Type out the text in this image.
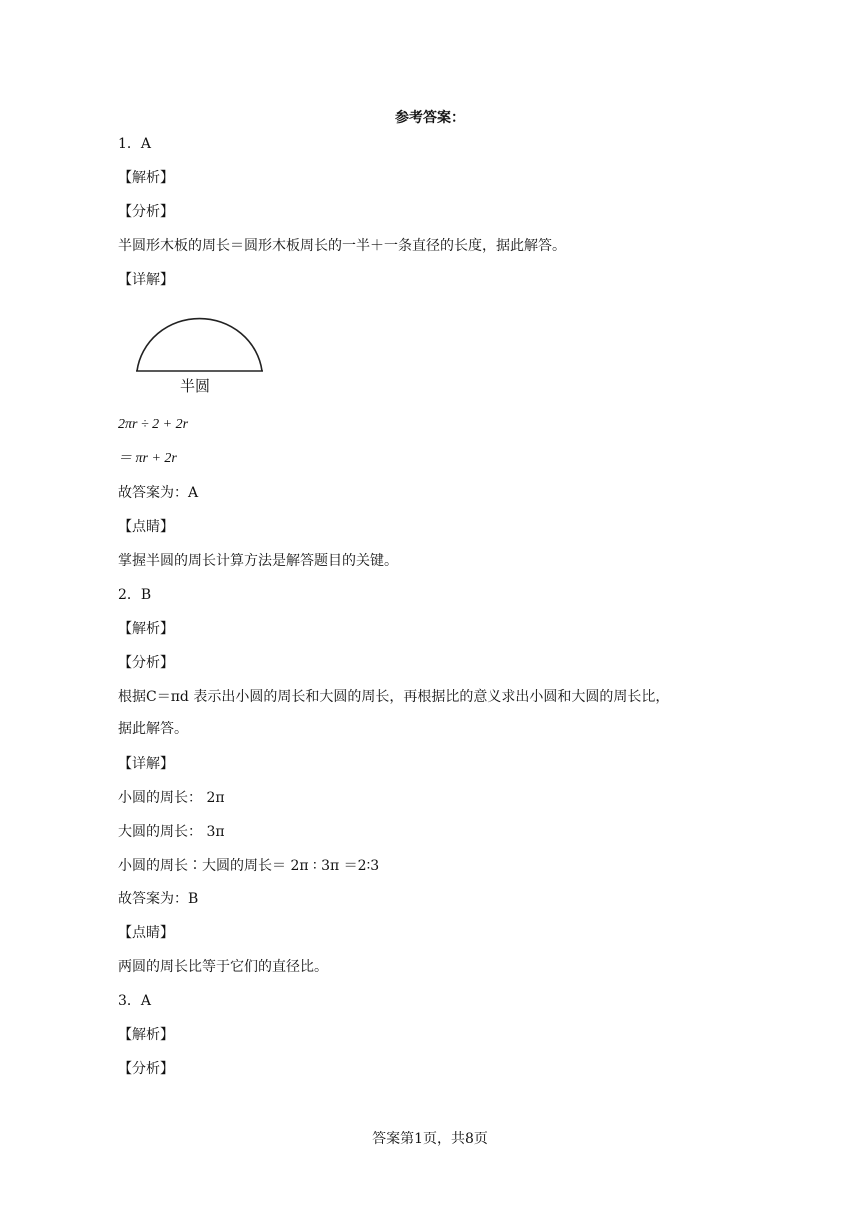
参考答案：
1．A
【解析】
【分析】
半圆形木板的周长＝圆形木板周长的一半＋一条直径的长度，据此解答。
【详解】
半圆
2πr ÷ 2 + 2r
＝ πr + 2r
故答案为：A
【点睛】
掌握半圆的周长计算方法是解答题目的关键。
2．B
【解析】
【分析】
根据C＝πd 表示出小圆的周长和大圆的周长，再根据比的意义求出小圆和大圆的周长比，
据此解答。
【详解】
小圆的周长： 2π
大圆的周长： 3π
小圆的周长∶大圆的周长＝ 2π ∶ 3π ＝2∶3
故答案为：B
【点睛】
两圆的周长比等于它们的直径比。
3．A
【解析】
【分析】
答案第1页，共8页
